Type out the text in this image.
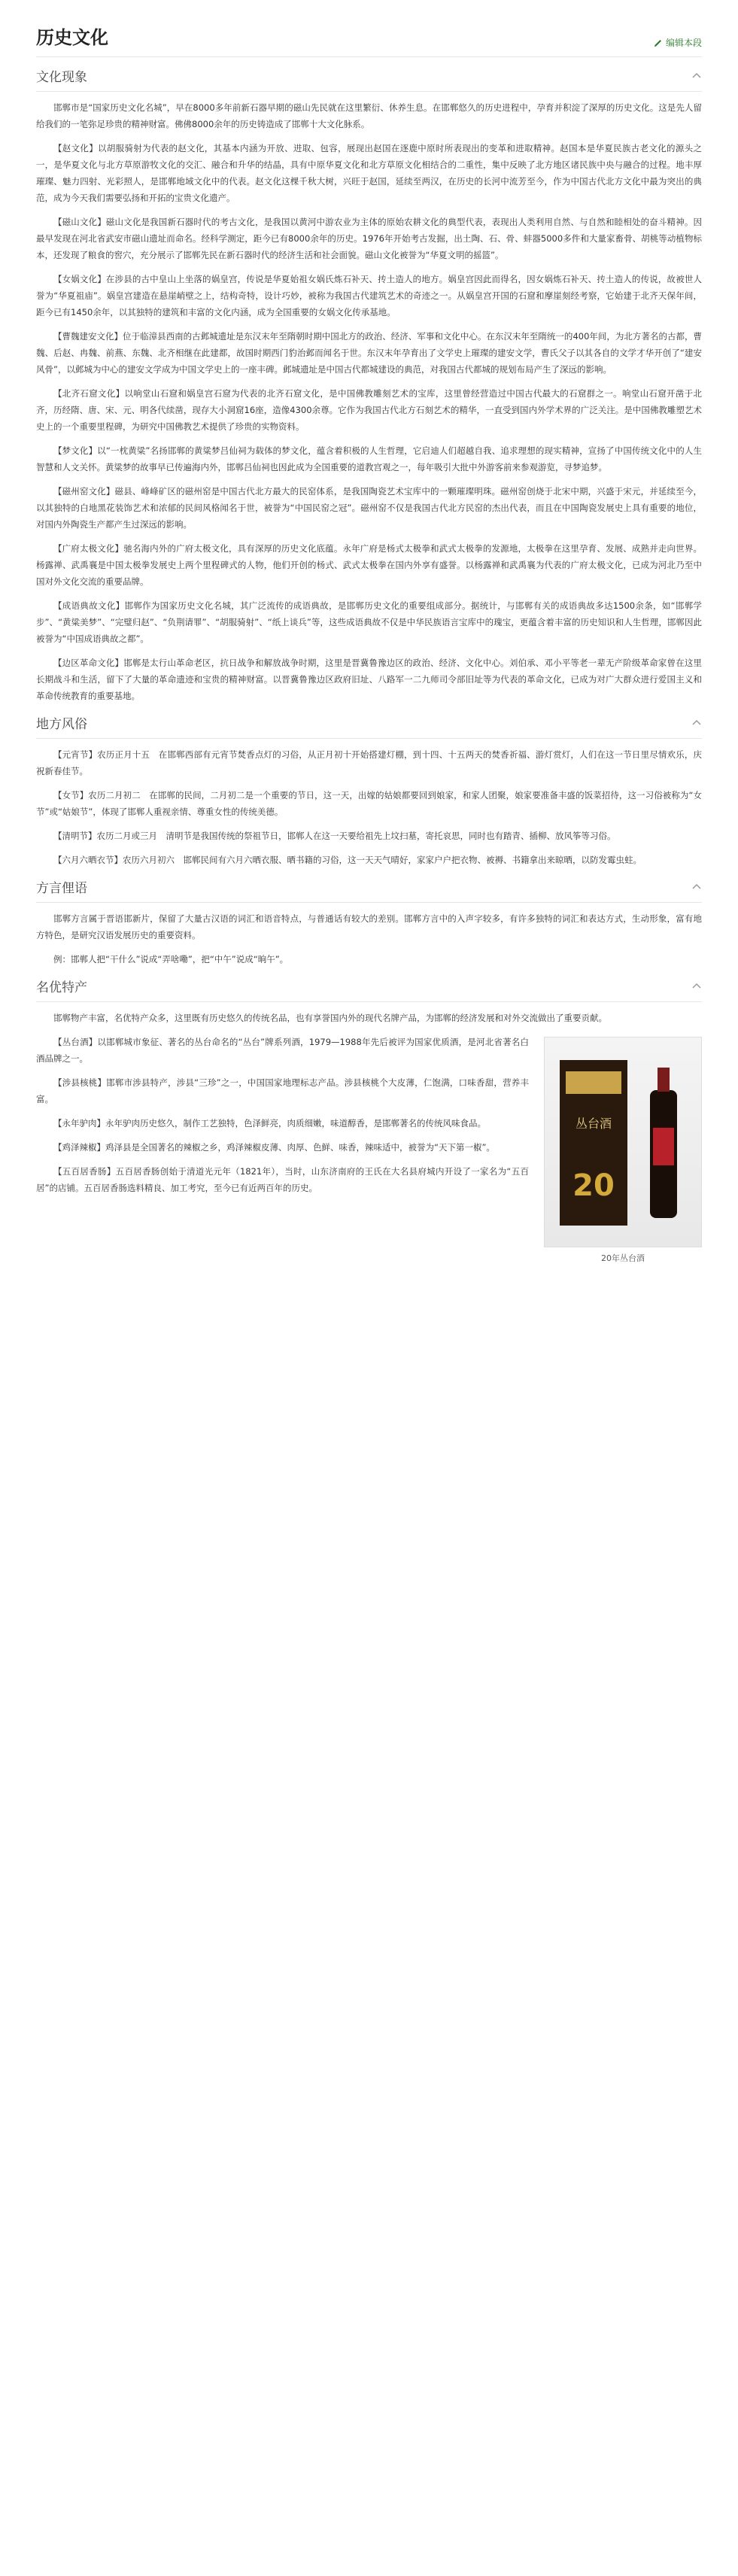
历史文化	编辑本段
文化现象

邯郸市是“国家历史文化名城”，早在8000多年前新石器早期的磁山先民就在这里繁衍、休养生息。在邯郸悠久的历史进程中，孕育并积淀了深厚的历史文化。这是先人留给我们的一笔弥足珍贵的精神财富。佛佛8000余年的历史铸造成了邯郸十大文化脉系。

【赵文化】以胡服骑射为代表的赵文化，其基本内涵为开放、进取、包容，展现出赵国在逐鹿中原时所表现出的变革和进取精神。赵国本是华夏民族古老文化的源头之一，是华夏文化与北方草原游牧文化的交汇、融合和升华的结晶，具有中原华夏文化和北方草原文化相结合的二重性，集中反映了北方地区诸民族中央与融合的过程。地丰厚璀璨、魅力四射、光彩照人，是邯郸地域文化中的代表。赵文化这棵千秋大树，兴旺于赵国，延续至两汉，在历史的长河中流芳至今，作为中国古代北方文化中最为突出的典范，成为今天我们需要弘扬和开拓的宝贵文化遗产。

【磁山文化】磁山文化是我国新石器时代的考古文化，是我国以黄河中游农业为主体的原始农耕文化的典型代表，表现出人类利用自然、与自然和睦相处的奋斗精神。因最早发现在河北省武安市磁山遗址而命名。经科学测定，距今已有8000余年的历史。1976年开始考古发掘，出土陶、石、骨、蚌器5000多件和大量家畜骨、胡桃等动植物标本，还发现了粮食的窖穴，充分展示了邯郸先民在新石器时代的经济生活和社会面貌。磁山文化被誉为“华夏文明的摇篮”。

【女娲文化】在涉县的古中皇山上坐落的娲皇宫，传说是华夏始祖女娲氏炼石补天、抟土造人的地方。娲皇宫因此而得名，因女娲炼石补天、抟土造人的传说，故被世人誉为“华夏祖庙”。娲皇宫建造在悬崖峭壁之上，结构奇特，设计巧妙，被称为我国古代建筑艺术的奇迹之一。从娲皇宫开国的石窟和摩崖刻经考察，它始建于北齐天保年间，距今已有1450余年，以其独特的建筑和丰富的文化内涵，成为全国重要的女娲文化传承基地。

【曹魏建安文化】位于临漳县西南的古邺城遗址是东汉末年至隋朝时期中国北方的政治、经济、军事和文化中心。在东汉末年至隋统一的400年间，为北方著名的古都，曹魏、后赵、冉魏、前燕、东魏、北齐相继在此建都，故国时期西门豹治邺而闻名于世。东汉末年孕育出了文学史上璀璨的建安文学，曹氏父子以其各自的文学才华开创了“建安风骨”，以邺城为中心的建安文学成为中国文学史上的一座丰碑。邺城遗址是中国古代都城建设的典范，对我国古代都城的规划布局产生了深远的影响。

【北齐石窟文化】以响堂山石窟和娲皇宫石窟为代表的北齐石窟文化，是中国佛教雕刻艺术的宝库，这里曾经营造过中国古代最大的石窟群之一。响堂山石窟开凿于北齐，历经隋、唐、宋、元、明各代续凿，现存大小洞窟16座，造像4300余尊。它作为我国古代北方石刻艺术的精华，一直受到国内外学术界的广泛关注。是中国佛教雕塑艺术史上的一个重要里程碑，为研究中国佛教艺术提供了珍贵的实物资料。

【梦文化】以“一枕黄粱”名扬邯郸的黄粱梦吕仙祠为载体的梦文化，蕴含着积极的人生哲理，它启迪人们超越自我、追求理想的现实精神，宣扬了中国传统文化中的人生智慧和人文关怀。黄粱梦的故事早已传遍海内外，邯郸吕仙祠也因此成为全国重要的道教宫观之一，每年吸引大批中外游客前来参观游览，寻梦追梦。

【磁州窑文化】磁县、峰峰矿区的磁州窑是中国古代北方最大的民窑体系，是我国陶瓷艺术宝库中的一颗璀璨明珠。磁州窑创烧于北宋中期，兴盛于宋元，并延续至今，以其独特的白地黑花装饰艺术和浓郁的民间风格闻名于世，被誉为“中国民窑之冠”。磁州窑不仅是我国古代北方民窑的杰出代表，而且在中国陶瓷发展史上具有重要的地位，对国内外陶瓷生产都产生过深远的影响。

【广府太极文化】驰名海内外的广府太极文化，具有深厚的历史文化底蕴。永年广府是杨式太极拳和武式太极拳的发源地，太极拳在这里孕育、发展、成熟并走向世界。杨露禅、武禹襄是中国太极拳发展史上两个里程碑式的人物，他们开创的杨式、武式太极拳在国内外享有盛誉。以杨露禅和武禹襄为代表的广府太极文化，已成为河北乃至中国对外文化交流的重要品牌。

【成语典故文化】邯郸作为国家历史文化名城，其广泛流传的成语典故，是邯郸历史文化的重要组成部分。据统计，与邯郸有关的成语典故多达1500余条，如“邯郸学步”、“黄粱美梦”、“完璧归赵”、“负荆请罪”、“胡服骑射”、“纸上谈兵”等，这些成语典故不仅是中华民族语言宝库中的瑰宝，更蕴含着丰富的历史知识和人生哲理，邯郸因此被誉为“中国成语典故之都”。

【边区革命文化】邯郸是太行山革命老区，抗日战争和解放战争时期，这里是晋冀鲁豫边区的政治、经济、文化中心。刘伯承、邓小平等老一辈无产阶级革命家曾在这里长期战斗和生活，留下了大量的革命遗迹和宝贵的精神财富。以晋冀鲁豫边区政府旧址、八路军一二九师司令部旧址等为代表的革命文化，已成为对广大群众进行爱国主义和革命传统教育的重要基地。

地方风俗

【元宵节】农历正月十五　在邯郸西部有元宵节焚香点灯的习俗，从正月初十开始搭建灯棚，到十四、十五两天的焚香祈福、游灯赏灯，人们在这一节日里尽情欢乐，庆祝新春佳节。

【女节】农历二月初二　在邯郸的民间，二月初二是一个重要的节日，这一天，出嫁的姑娘都要回到娘家，和家人团聚，娘家要准备丰盛的饭菜招待，这一习俗被称为“女节”或“姑娘节”，体现了邯郸人重视亲情、尊重女性的传统美德。

【清明节】农历二月或三月　清明节是我国传统的祭祖节日，邯郸人在这一天要给祖先上坟扫墓，寄托哀思，同时也有踏青、插柳、放风筝等习俗。

【六月六晒衣节】农历六月初六　邯郸民间有六月六晒衣服、晒书籍的习俗，这一天天气晴好，家家户户把衣物、被褥、书籍拿出来晾晒，以防发霉虫蛀。

方言俚语

邯郸方言属于晋语邯新片，保留了大量古汉语的词汇和语音特点，与普通话有较大的差别。邯郸方言中的入声字较多，有许多独特的词汇和表达方式，生动形象，富有地方特色，是研究汉语发展历史的重要资料。

例：邯郸人把“干什么”说成“弄啥嘞”，把“中午”说成“晌午”。

名优特产

邯郸物产丰富，名优特产众多，这里既有历史悠久的传统名品，也有享誉国内外的现代名牌产品，为邯郸的经济发展和对外交流做出了重要贡献。

【丛台酒】以邯郸城市象征、著名的丛台命名的“丛台”牌系列酒，1979—1988年先后被评为国家优质酒，是河北省著名白酒品牌之一。

【涉县核桃】邯郸市涉县特产，涉县“三珍”之一，中国国家地理标志产品。涉县核桃个大皮薄，仁饱满，口味香甜，营养丰富。

【永年驴肉】永年驴肉历史悠久，制作工艺独特，色泽鲜亮，肉质细嫩，味道醇香，是邯郸著名的传统风味食品。

【鸡泽辣椒】鸡泽县是全国著名的辣椒之乡，鸡泽辣椒皮薄、肉厚、色鲜、味香，辣味适中，被誉为“天下第一椒”。

【五百居香肠】五百居香肠创始于清道光元年（1821年），当时，山东济南府的王氏在大名县府城内开设了一家名为“五百居”的店铺。五百居香肠选料精良、加工考究，至今已有近两百年的历史。

丛台酒
20
20年丛台酒
